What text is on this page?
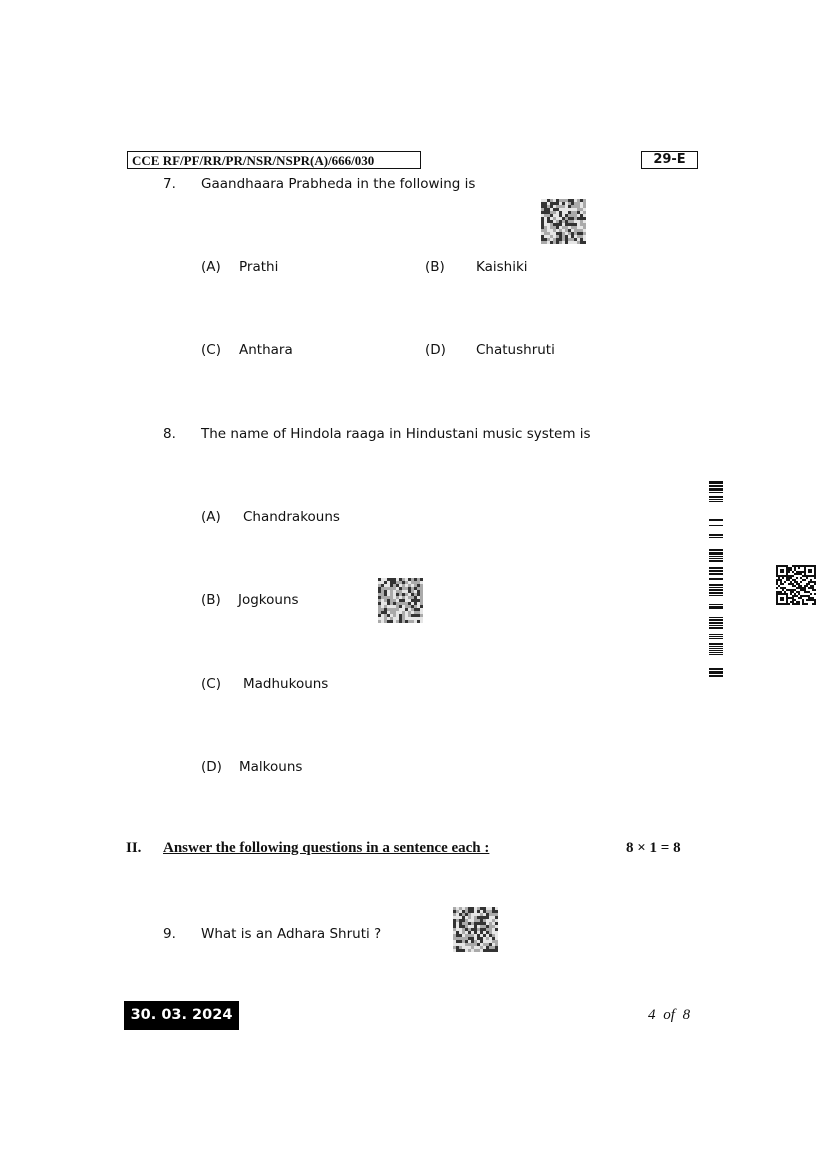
CCE RF/PF/RR/PR/NSR/NSPR(A)/666/030	29-E
7. Gaandhaara Prabheda in the following is
(A) Prathi	(B) Kaishiki
(C) Anthara	(D) Chatushruti
8. The name of Hindola raaga in Hindustani music system is
(A) Chandrakouns
(B) Jogkouns
(C) Madhukouns
(D) Malkouns
II. Answer the following questions in a sentence each :	8 × 1 = 8
9. What is an Adhara Shruti ?
30. 03. 2024	4 of 8
